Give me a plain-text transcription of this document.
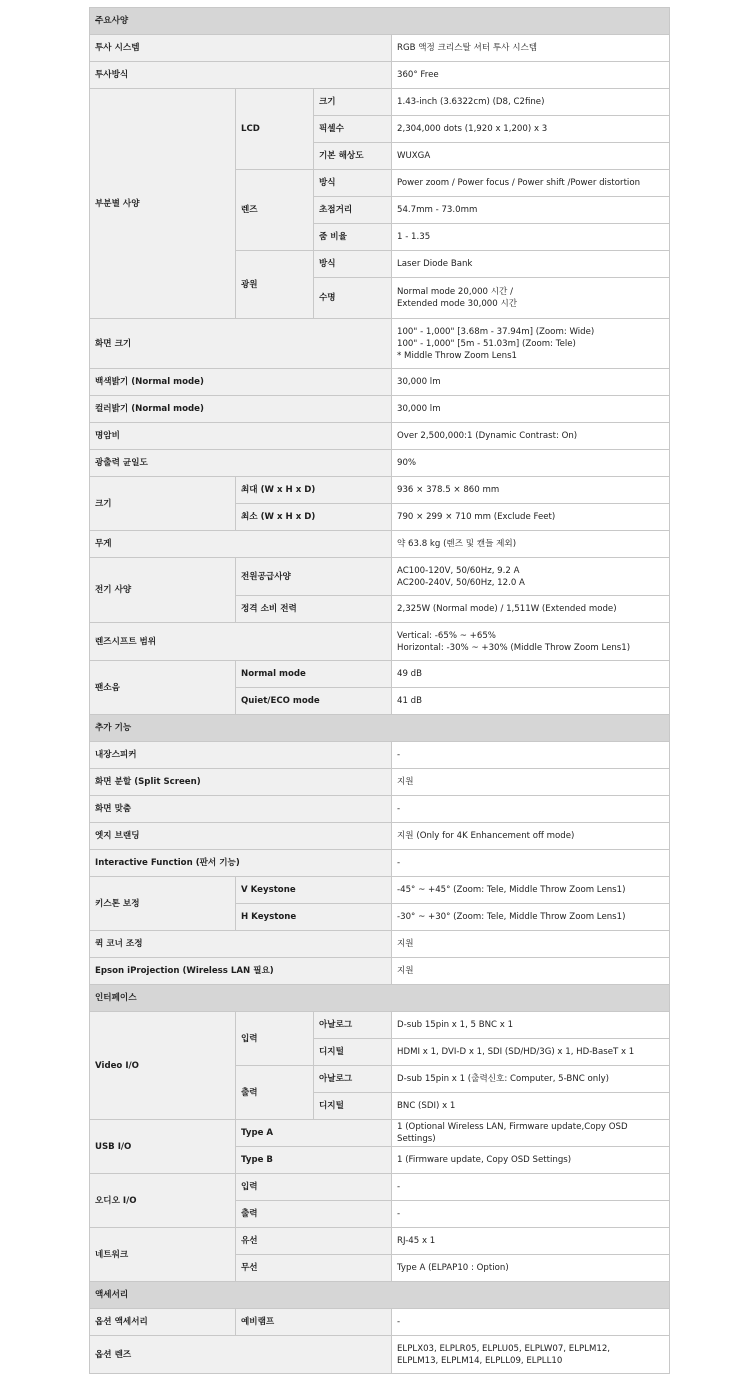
주요사양			
투사 시스템			RGB 액정 크리스탈 셔터 투사 시스템
투사방식			360° Free
부분별 사양	LCD	크기	1.43-inch (3.6322cm) (D8, C2fine)
		픽셀수	2,304,000 dots (1,920 x 1,200) x 3
		기본 해상도	WUXGA
	렌즈	방식	Power zoom / Power focus / Power shift /Power distortion
		초점거리	54.7mm - 73.0mm
		줌 비율	1 - 1.35
	광원	방식	Laser Diode Bank
		수명	Normal mode 20,000 시간 /
Extended mode 30,000 시간
화면 크기			100" - 1,000" [3.68m - 37.94m] (Zoom: Wide)
100" - 1,000" [5m - 51.03m] (Zoom: Tele)
* Middle Throw Zoom Lens1
백색밝기 (Normal mode)			30,000 lm
컬러밝기 (Normal mode)			30,000 lm
명암비			Over 2,500,000:1 (Dynamic Contrast: On)
광출력 균일도			90%
크기	최대 (W x H x D)		936 × 378.5 × 860 mm
	최소 (W x H x D)		790 × 299 × 710 mm (Exclude Feet)
무게			약 63.8 kg (렌즈 및 캔들 제외)
전기 사양	전원공급사양		AC100-120V, 50/60Hz, 9.2 A
AC200-240V, 50/60Hz, 12.0 A
	정격 소비 전력		2,325W (Normal mode) / 1,511W (Extended mode)
렌즈시프트 범위			Vertical: -65% ~ +65%
Horizontal: -30% ~ +30% (Middle Throw Zoom Lens1)
팬소음	Normal mode		49 dB
	Quiet/ECO mode		41 dB
추가 기능			
내장스피커			-
화면 분할 (Split Screen)			지원
화면 맞춤			-
엣지 브랜딩			지원 (Only for 4K Enhancement off mode)
Interactive Function (판서 기능)			-
키스톤 보정	V Keystone		-45° ~ +45° (Zoom: Tele, Middle Throw Zoom Lens1)
	H Keystone		-30° ~ +30° (Zoom: Tele, Middle Throw Zoom Lens1)
퀵 코너 조정			지원
Epson iProjection (Wireless LAN 필요)			지원
인터페이스			
Video I/O	입력	아날로그	D-sub 15pin x 1, 5 BNC x 1
		디지털	HDMI x 1, DVI-D x 1, SDI (SD/HD/3G) x 1, HD-BaseT x 1
	출력	아날로그	D-sub 15pin x 1 (출력신호: Computer, 5-BNC only)
		디지털	BNC (SDI) x 1
USB I/O	Type A		1 (Optional Wireless LAN, Firmware update,Copy OSD Settings)
	Type B		1 (Firmware update, Copy OSD Settings)
오디오 I/O	입력		-
	출력		-
네트워크	유선		RJ-45 x 1
	무선		Type A (ELPAP10 : Option)
액세서리			
옵션 액세서리	예비램프		-
옵션 렌즈			ELPLX03, ELPLR05, ELPLU05, ELPLW07, ELPLM12,
ELPLM13, ELPLM14, ELPLL09, ELPLL10
